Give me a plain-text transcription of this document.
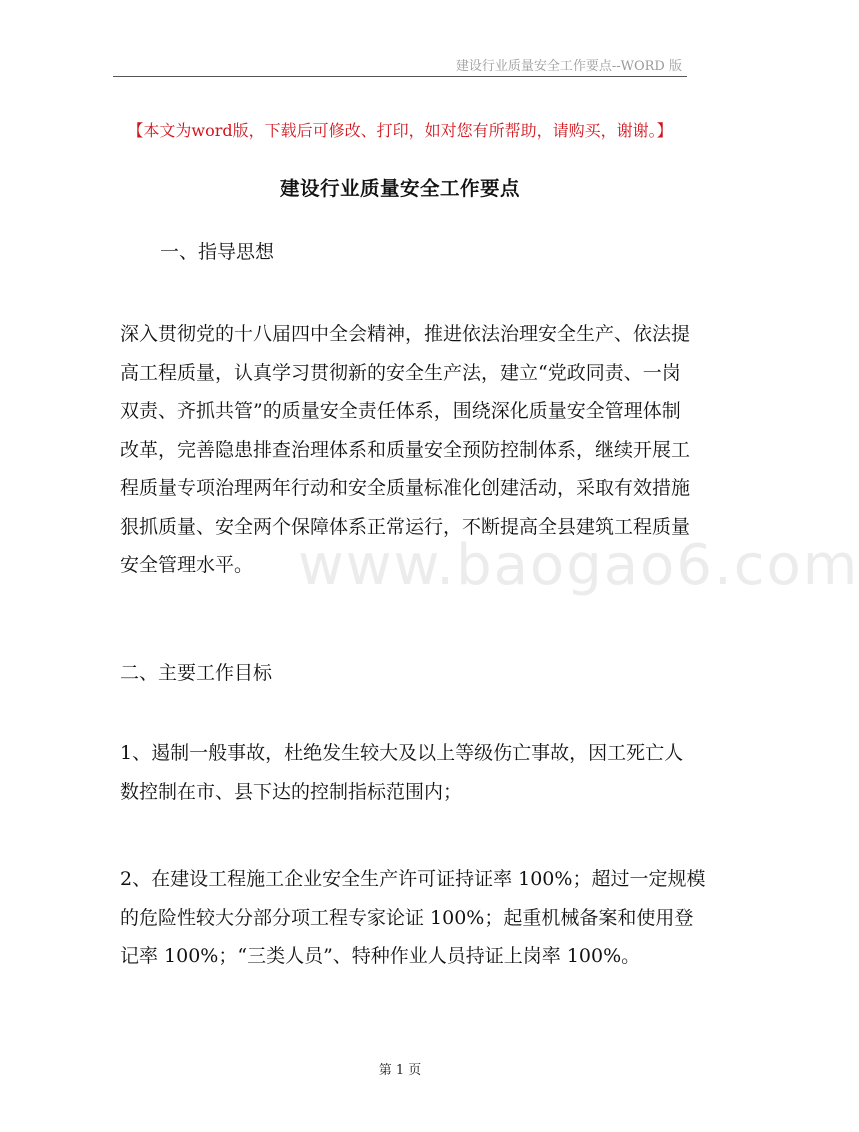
建设行业质量安全工作要点--WORD 版
【本文为word版，下载后可修改、打印，如对您有所帮助，请购买，谢谢。】
建设行业质量安全工作要点
一、指导思想
深入贯彻党的十八届四中全会精神，推进依法治理安全生产、依法提
高工程质量，认真学习贯彻新的安全生产法，建立“党政同责、一岗
双责、齐抓共管”的质量安全责任体系，围绕深化质量安全管理体制
改革，完善隐患排查治理体系和质量安全预防控制体系，继续开展工
程质量专项治理两年行动和安全质量标准化创建活动，采取有效措施
狠抓质量、安全两个保障体系正常运行，不断提高全县建筑工程质量
安全管理水平。 www.baogao6.com
二、主要工作目标
1、遏制一般事故，杜绝发生较大及以上等级伤亡事故，因工死亡人
数控制在市、县下达的控制指标范围内；
2、在建设工程施工企业安全生产许可证持证率 100%；超过一定规模
的危险性较大分部分项工程专家论证 100%；起重机械备案和使用登
记率 100%；“三类人员”、特种作业人员持证上岗率 100%。
第 1 页
